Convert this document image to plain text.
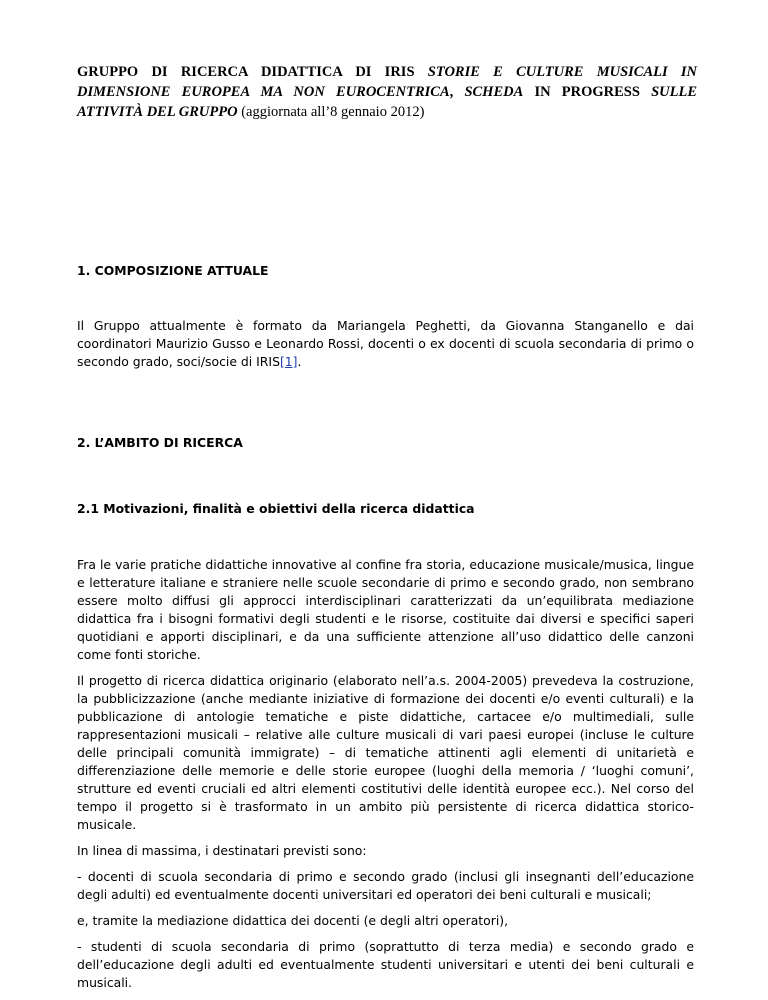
GRUPPO DI RICERCA DIDATTICA DI IRIS STORIE E CULTURE MUSICALI IN DIMENSIONE EUROPEA MA NON EUROCENTRICA, SCHEDA IN PROGRESS SULLE ATTIVITÀ DEL GRUPPO (aggiornata all’8 gennaio 2012)
1. COMPOSIZIONE ATTUALE

Il Gruppo attualmente è formato da Mariangela Peghetti, da Giovanna Stanganello e dai coordinatori Maurizio Gusso e Leonardo Rossi, docenti o ex docenti di scuola secondaria di primo o secondo grado, soci/socie di IRIS[1].

2. L’AMBITO DI RICERCA
2.1 Motivazioni, finalità e obiettivi della ricerca didattica

Fra le varie pratiche didattiche innovative al confine fra storia, educazione musicale/musica, lingue e letterature italiane e straniere nelle scuole secondarie di primo e secondo grado, non sembrano essere molto diffusi gli approcci interdisciplinari caratterizzati da un’equilibrata mediazione didattica fra i bisogni formativi degli studenti e le risorse, costituite dai diversi e specifici saperi quotidiani e apporti disciplinari, e da una sufficiente attenzione all’uso didattico delle canzoni come fonti storiche.

Il progetto di ricerca didattica originario (elaborato nell’a.s. 2004-2005) prevedeva la costruzione, la pubblicizzazione (anche mediante iniziative di formazione dei docenti e/o eventi culturali) e la pubblicazione di antologie tematiche e piste didattiche, cartacee e/o multimediali, sulle rappresentazioni musicali – relative alle culture musicali di vari paesi europei (incluse le culture delle principali comunità immigrate) – di tematiche attinenti agli elementi di unitarietà e differenziazione delle memorie e delle storie europee (luoghi della memoria / ‘luoghi comuni’, strutture ed eventi cruciali ed altri elementi costitutivi delle identità europee ecc.). Nel corso del tempo il progetto si è trasformato in un ambito più persistente di ricerca didattica storico-musicale.

In linea di massima, i destinatari previsti sono:

- docenti di scuola secondaria di primo e secondo grado (inclusi gli insegnanti dell’educazione degli adulti) ed eventualmente docenti universitari ed operatori dei beni culturali e musicali;

e, tramite la mediazione didattica dei docenti (e degli altri operatori),

- studenti di scuola secondaria di primo (soprattutto di terza media) e secondo grado e dell’educazione degli adulti ed eventualmente studenti universitari e utenti dei beni culturali e musicali.
